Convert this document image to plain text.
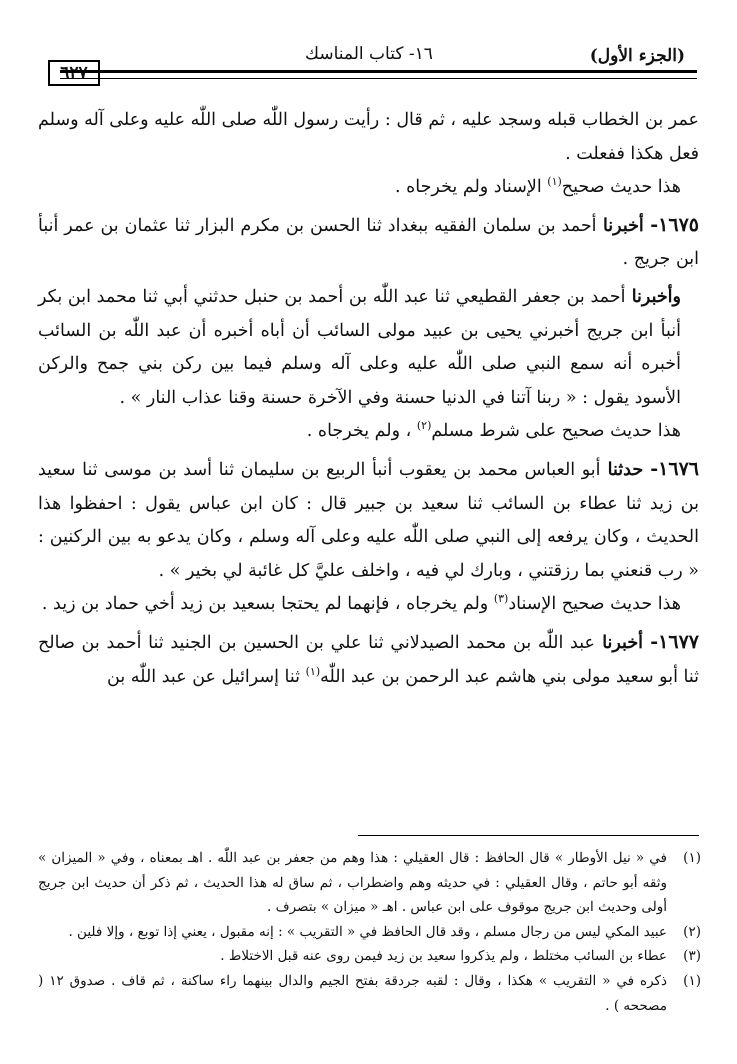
(الجزء الأول)
١٦- كتاب المناسك
٦٢٧

عمر بن الخطاب قبله وسجد عليه ، ثم قال : رأيت رسول اللّٰه صلى اللّٰه عليه وعلى آله وسلم فعل هكذا ففعلت .

هذا حديث صحيح$^{(١)}$ الإسناد ولم يخرجاه .

١٦٧٥- أخبرنا أحمد بن سلمان الفقيه ببغداد ثنا الحسن بن مكرم البزار ثنا عثمان بن عمر أنبأ ابن جريج .

وأخبرنا أحمد بن جعفر القطيعي ثنا عبد اللّٰه بن أحمد بن حنبل حدثني أبي ثنا محمد ابن بكر أنبأ ابن جريج أخبرني يحيى بن عبيد مولى السائب أن أباه أخبره أن عبد اللّٰه بن السائب أخبره أنه سمع النبي صلى اللّٰه عليه وعلى آله وسلم فيما بين ركن بني جمح والركن الأسود يقول : « ربنا آتنا في الدنيا حسنة وفي الآخرة حسنة وقنا عذاب النار » .

هذا حديث صحيح على شرط مسلم$^{(٢)}$ ، ولم يخرجاه .

١٦٧٦- حدثنا أبو العباس محمد بن يعقوب أنبأ الربيع بن سليمان ثنا أسد بن موسى ثنا سعيد بن زيد ثنا عطاء بن السائب ثنا سعيد بن جبير قال : كان ابن عباس يقول : احفظوا هذا الحديث ، وكان يرفعه إلى النبي صلى اللّٰه عليه وعلى آله وسلم ، وكان يدعو به بين الركنين : « رب قنعني بما رزقتني ، وبارك لي فيه ، واخلف عليَّ كل غائبة لي بخير » .

هذا حديث صحيح الإسناد$^{(٣)}$ ولم يخرجاه ، فإنهما لم يحتجا بسعيد بن زيد أخي حماد بن زيد .

١٦٧٧- أخبرنا عبد اللّٰه بن محمد الصيدلاني ثنا علي بن الحسين بن الجنيد ثنا أحمد بن صالح ثنا أبو سعيد مولى بني هاشم عبد الرحمن بن عبد اللّٰه$^{(١)}$ ثنا إسرائيل عن عبد اللّٰه بن

(١)
في « نيل الأوطار » قال الحافظ : قال العقيلي : هذا وهم من جعفر بن عبد اللّٰه . اهـ بمعناه ، وفي « الميزان » وثقه أبو حاتم ، وقال العقيلي : في حديثه وهم واضطراب ، ثم ساق له هذا الحديث ، ثم ذكر أن حديث ابن جريج أولى وحديث ابن جريج موقوف على ابن عباس . اهـ « ميزان » بتصرف .

(٢)
عبيد المكي ليس من رجال مسلم ، وقد قال الحافظ في « التقريب » : إنه مقبول ، يعني إذا توبع ، وإلا فلين .

(٣)
عطاء بن السائب مختلط ، ولم يذكروا سعيد بن زيد فيمن روى عنه قبل الاختلاط .

(١)
ذكره في « التقريب » هكذا ، وقال : لقبه جردقة بفتح الجيم والدال بينهما راء ساكنة ، ثم قاف . صدوق ١٢ ( مصححه ) .
